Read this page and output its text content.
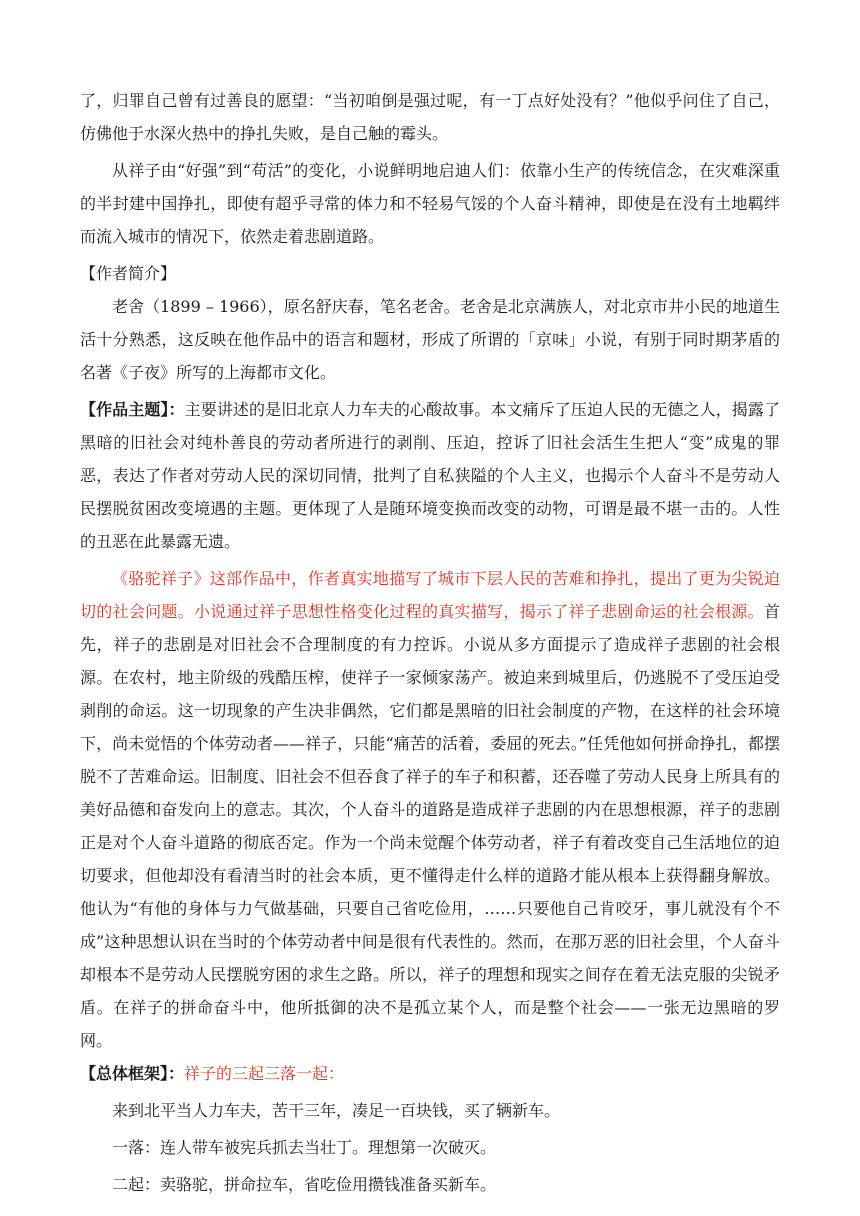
了，归罪自己曾有过善良的愿望：“当初咱倒是强过呢，有一丁点好处没有？”他似乎问住了自己，仿佛他于水深火热中的挣扎失败，是自己触的霉头。

从祥子由“好强”到“苟活”的变化，小说鲜明地启迪人们：依靠小生产的传统信念，在灾难深重的半封建中国挣扎，即使有超乎寻常的体力和不轻易气馁的个人奋斗精神，即使是在没有土地羁绊而流入城市的情况下，依然走着悲剧道路。

【作者简介】

老舍（1899 – 1966），原名舒庆春，笔名老舍。老舍是北京满族人，对北京市井小民的地道生活十分熟悉，这反映在他作品中的语言和题材，形成了所谓的「京味」小说，有别于同时期茅盾的名著《子夜》所写的上海都市文化。

【作品主题】：主要讲述的是旧北京人力车夫的心酸故事。本文痛斥了压迫人民的无德之人，揭露了黑暗的旧社会对纯朴善良的劳动者所进行的剥削、压迫，控诉了旧社会活生生把人“变”成鬼的罪恶，表达了作者对劳动人民的深切同情，批判了自私狭隘的个人主义，也揭示个人奋斗不是劳动人民摆脱贫困改变境遇的主题。更体现了人是随环境变换而改变的动物，可谓是最不堪一击的。人性的丑恶在此暴露无遗。

《骆驼祥子》这部作品中，作者真实地描写了城市下层人民的苦难和挣扎，提出了更为尖锐迫切的社会问题。小说通过祥子思想性格变化过程的真实描写，揭示了祥子悲剧命运的社会根源。首先，祥子的悲剧是对旧社会不合理制度的有力控诉。小说从多方面提示了造成祥子悲剧的社会根源。在农村，地主阶级的残酷压榨，使祥子一家倾家荡产。被迫来到城里后，仍逃脱不了受压迫受剥削的命运。这一切现象的产生决非偶然，它们都是黑暗的旧社会制度的产物，在这样的社会环境下，尚未觉悟的个体劳动者——祥子，只能“痛苦的活着，委屈的死去。”任凭他如何拼命挣扎，都摆脱不了苦难命运。旧制度、旧社会不但吞食了祥子的车子和积蓄，还吞噬了劳动人民身上所具有的美好品德和奋发向上的意志。其次，个人奋斗的道路是造成祥子悲剧的内在思想根源，祥子的悲剧正是对个人奋斗道路的彻底否定。作为一个尚未觉醒个体劳动者，祥子有着改变自己生活地位的迫切要求，但他却没有看清当时的社会本质，更不懂得走什么样的道路才能从根本上获得翻身解放。他认为“有他的身体与力气做基础，只要自己省吃俭用，……只要他自己肯咬牙，事儿就没有个不成”这种思想认识在当时的个体劳动者中间是很有代表性的。然而，在那万恶的旧社会里，个人奋斗却根本不是劳动人民摆脱穷困的求生之路。所以，祥子的理想和现实之间存在着无法克服的尖锐矛盾。在祥子的拼命奋斗中，他所抵御的决不是孤立某个人，而是整个社会——一张无边黑暗的罗网。

【总体框架】：祥子的三起三落一起：

来到北平当人力车夫，苦干三年，凑足一百块钱，买了辆新车。

一落：连人带车被宪兵抓去当壮丁。理想第一次破灭。

二起：卖骆驼，拼命拉车，省吃俭用攒钱准备买新车。
